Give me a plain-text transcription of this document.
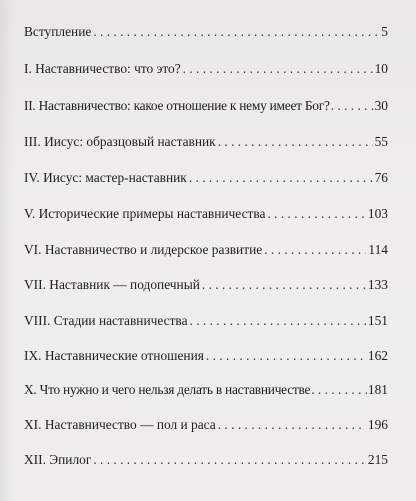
Вступление . . .	5
I. Наставничество: что это? . . .	10
II. Наставничество: какое отношение к нему имеет Бог? . . .	30
III. Иисус: образцовый наставник . . .	55
IV. Иисус: мастер-наставник . . .	76
V. Исторические примеры наставничества . . .	103
VI. Наставничество и лидерское развитие . . .	114
VII. Наставник — подопечный . . .	133
VIII. Стадии наставничества . . .	151
IX. Наставнические отношения . . .	162
X. Что нужно и чего нельзя делать в наставничестве . . .	181
XI. Наставничество — пол и раса . . .	196
XII. Эпилог . . .	215
